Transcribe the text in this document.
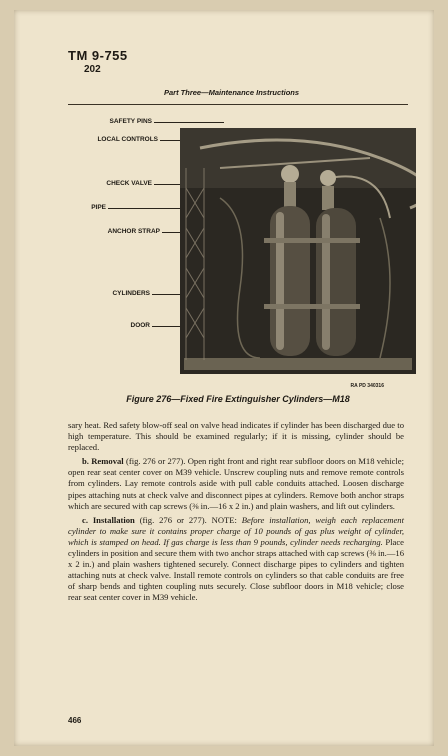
TM 9-755
202
Part Three—Maintenance Instructions
SAFETY PINS
LOCAL CONTROLS
CHECK VALVE
PIPE
ANCHOR STRAP
CYLINDERS
DOOR
RA PD 340316
Figure 276—Fixed Fire Extinguisher Cylinders—M18

sary heat. Red safety blow-off seal on valve head indicates if cylinder has been discharged due to high temperature. This should be examined regularly; if it is missing, cylinder should be replaced.

b. Removal (fig. 276 or 277). Open right front and right rear subfloor doors on M18 vehicle; open rear seat center cover on M39 vehicle. Unscrew coupling nuts and remove remote controls from cylinders. Lay remote controls aside with pull cable conduits attached. Loosen discharge pipes attaching nuts at check valve and disconnect pipes at cylinders. Remove both anchor straps which are secured with cap screws (⅜ in.—16 x 2 in.) and plain washers, and lift out cylinders.

c. Installation (fig. 276 or 277). NOTE: Before installation, weigh each replacement cylinder to make sure it contains proper charge of 10 pounds of gas plus weight of cylinder, which is stamped on head. If gas charge is less than 9 pounds, cylinder needs recharging. Place cylinders in position and secure them with two anchor straps attached with cap screws (⅜ in.—16 x 2 in.) and plain washers tightened securely. Connect discharge pipes to cylinders and tighten attaching nuts at check valve. Install remote controls on cylinders so that cable conduits are free of sharp bends and tighten coupling nuts securely. Close subfloor doors in M18 vehicle; close rear seat center cover in M39 vehicle.

466
